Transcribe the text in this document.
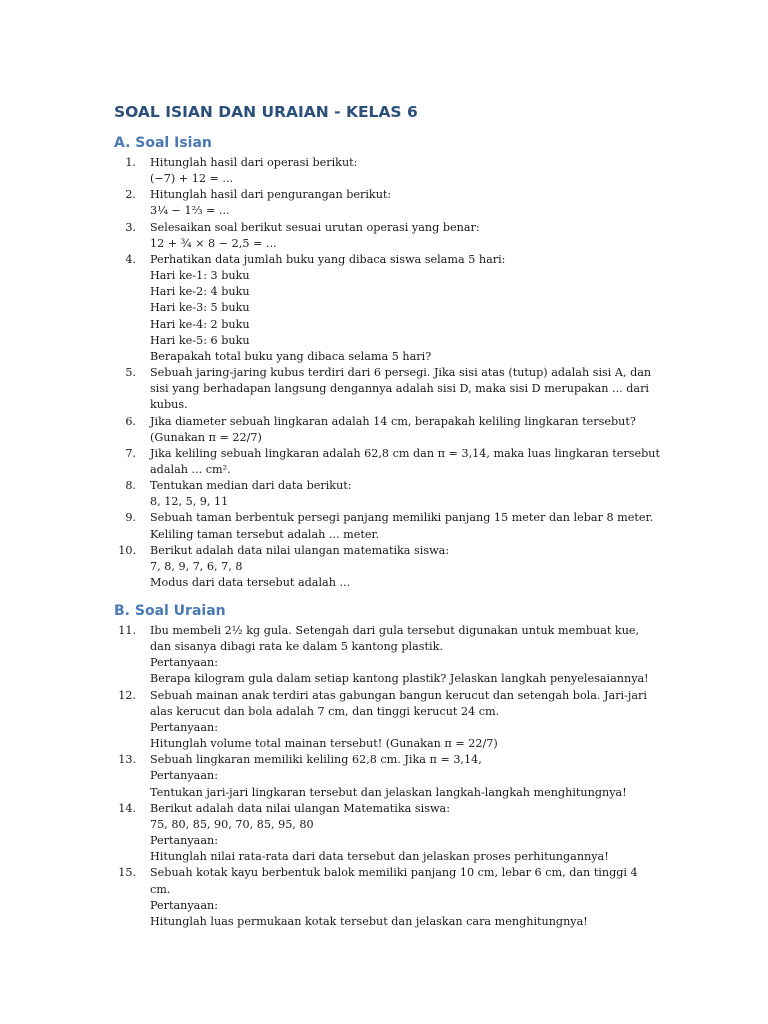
SOAL ISIAN DAN URAIAN - KELAS 6
A. Soal Isian
1. Hitunglah hasil dari operasi berikut:
(−7) + 12 = ...
2. Hitunglah hasil dari pengurangan berikut:
3¼ − 1⅔ = ...
3. Selesaikan soal berikut sesuai urutan operasi yang benar:
12 + ¾ × 8 − 2,5 = ...
4. Perhatikan data jumlah buku yang dibaca siswa selama 5 hari:
Hari ke-1: 3 buku
Hari ke-2: 4 buku
Hari ke-3: 5 buku
Hari ke-4: 2 buku
Hari ke-5: 6 buku
Berapakah total buku yang dibaca selama 5 hari?
5. Sebuah jaring-jaring kubus terdiri dari 6 persegi. Jika sisi atas (tutup) adalah sisi A, dan
sisi yang berhadapan langsung dengannya adalah sisi D, maka sisi D merupakan ... dari
kubus.
6. Jika diameter sebuah lingkaran adalah 14 cm, berapakah keliling lingkaran tersebut?
(Gunakan π = 22/7)
7. Jika keliling sebuah lingkaran adalah 62,8 cm dan π = 3,14, maka luas lingkaran tersebut
adalah ... cm².
8. Tentukan median dari data berikut:
8, 12, 5, 9, 11
9. Sebuah taman berbentuk persegi panjang memiliki panjang 15 meter dan lebar 8 meter.
Keliling taman tersebut adalah ... meter.
10. Berikut adalah data nilai ulangan matematika siswa:
7, 8, 9, 7, 6, 7, 8
Modus dari data tersebut adalah ...
B. Soal Uraian
11. Ibu membeli 2½ kg gula. Setengah dari gula tersebut digunakan untuk membuat kue,
dan sisanya dibagi rata ke dalam 5 kantong plastik.
Pertanyaan:
Berapa kilogram gula dalam setiap kantong plastik? Jelaskan langkah penyelesaiannya!
12. Sebuah mainan anak terdiri atas gabungan bangun kerucut dan setengah bola. Jari-jari
alas kerucut dan bola adalah 7 cm, dan tinggi kerucut 24 cm.
Pertanyaan:
Hitunglah volume total mainan tersebut! (Gunakan π = 22/7)
13. Sebuah lingkaran memiliki keliling 62,8 cm. Jika π = 3,14,
Pertanyaan:
Tentukan jari-jari lingkaran tersebut dan jelaskan langkah-langkah menghitungnya!
14. Berikut adalah data nilai ulangan Matematika siswa:
75, 80, 85, 90, 70, 85, 95, 80
Pertanyaan:
Hitunglah nilai rata-rata dari data tersebut dan jelaskan proses perhitungannya!
15. Sebuah kotak kayu berbentuk balok memiliki panjang 10 cm, lebar 6 cm, dan tinggi 4
cm.
Pertanyaan:
Hitunglah luas permukaan kotak tersebut dan jelaskan cara menghitungnya!
